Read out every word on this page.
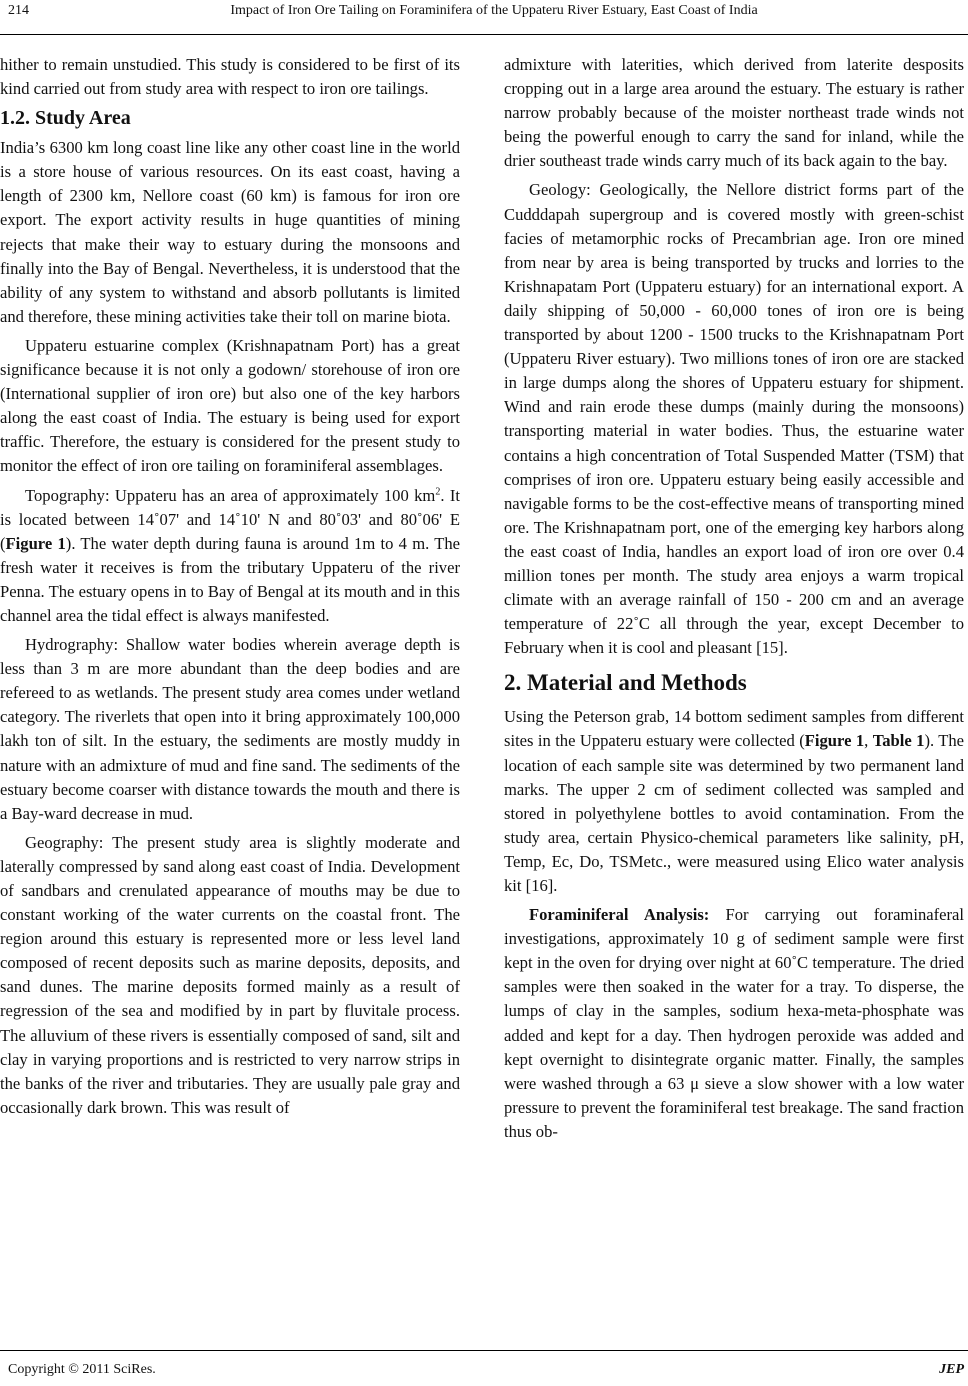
214	Impact of Iron Ore Tailing on Foraminifera of the Uppateru River Estuary, East Coast of India

hither to remain unstudied. This study is considered to be first of its kind carried out from study area with respect to iron ore tailings.

1.2. Study Area

India’s 6300 km long coast line like any other coast line in the world is a store house of various resources. On its east coast, having a length of 2300 km, Nellore coast (60 km) is famous for iron ore export. The export activity results in huge quantities of mining rejects that make their way to estuary during the monsoons and finally into the Bay of Bengal. Nevertheless, it is understood that the ability of any system to withstand and absorb pollutants is limited and therefore, these mining activities take their toll on marine biota.

Uppateru estuarine complex (Krishnapatnam Port) has a great significance because it is not only a godown/ storehouse of iron ore (International supplier of iron ore) but also one of the key harbors along the east coast of India. The estuary is being used for export traffic. Therefore, the estuary is considered for the present study to monitor the effect of iron ore tailing on foraminiferal assemblages.

Topography: Uppateru has an area of approximately 100 $km^2$. It is located between 14˚07' and 14˚10' N and 80˚03' and 80˚06' E (Figure 1). The water depth during fauna is around 1m to 4 m. The fresh water it receives is from the tributary Uppateru of the river Penna. The estuary opens in to Bay of Bengal at its mouth and in this channel area the tidal effect is always manifested.

Hydrography: Shallow water bodies wherein average depth is less than 3 m are more abundant than the deep bodies and are refereed to as wetlands. The present study area comes under wetland category. The riverlets that open into it bring approximately 100,000 lakh ton of silt. In the estuary, the sediments are mostly muddy in nature with an admixture of mud and fine sand. The sediments of the estuary become coarser with distance towards the mouth and there is a Bay-ward decrease in mud.

Geography: The present study area is slightly moderate and laterally compressed by sand along east coast of India. Development of sandbars and crenulated appearance of mouths may be due to constant working of the water currents on the coastal front. The region around this estuary is represented more or less level land composed of recent deposits such as marine deposits, deposits, and sand dunes. The marine deposits formed mainly as a result of regression of the sea and modified by in part by fluvitale process. The alluvium of these rivers is essentially composed of sand, silt and clay in varying proportions and is restricted to very narrow strips in the banks of the river and tributaries. They are usually pale gray and occasionally dark brown. This was result of

admixture with laterities, which derived from laterite desposits cropping out in a large area around the estuary. The estuary is rather narrow probably because of the moister northeast trade winds not being the powerful enough to carry the sand for inland, while the drier southeast trade winds carry much of its back again to the bay.

Geology: Geologically, the Nellore district forms part of the Cudddapah supergroup and is covered mostly with green-schist facies of metamorphic rocks of Precambrian age. Iron ore mined from near by area is being transported by trucks and lorries to the Krishnapatam Port (Uppateru estuary) for an international export. A daily shipping of 50,000 - 60,000 tones of iron ore is being transported by about 1200 - 1500 trucks to the Krishnapatnam Port (Uppateru River estuary). Two millions tones of iron ore are stacked in large dumps along the shores of Uppateru estuary for shipment. Wind and rain erode these dumps (mainly during the monsoons) transporting material in water bodies. Thus, the estuarine water contains a high concentration of Total Suspended Matter (TSM) that comprises of iron ore. Uppateru estuary being easily accessible and navigable forms to be the cost-effective means of transporting mined ore. The Krishnapatnam port, one of the emerging key harbors along the east coast of India, handles an export load of iron ore over 0.4 million tones per month. The study area enjoys a warm tropical climate with an average rainfall of 150 - 200 cm and an average temperature of 22˚C all through the year, except December to February when it is cool and pleasant [15].

2. Material and Methods

Using the Peterson grab, 14 bottom sediment samples from different sites in the Uppateru estuary were collected (Figure 1, Table 1). The location of each sample site was determined by two permanent land marks. The upper 2 cm of sediment collected was sampled and stored in polyethylene bottles to avoid contamination. From the study area, certain Physico-chemical parameters like salinity, pH, Temp, Ec, Do, TSMetc., were measured using Elico water analysis kit [16].

Foraminiferal Analysis: For carrying out foraminaferal investigations, approximately 10 g of sediment sample were first kept in the oven for drying over night at 60˚C temperature. The dried samples were then soaked in the water for a tray. To disperse, the lumps of clay in the samples, sodium hexa-meta-phosphate was added and kept for a day. Then hydrogen peroxide was added and kept overnight to disintegrate organic matter. Finally, the samples were washed through a 63 μ sieve a slow shower with a low water pressure to prevent the foraminiferal test breakage. The sand fraction thus ob-

Copyright © 2011 SciRes.	JEP
